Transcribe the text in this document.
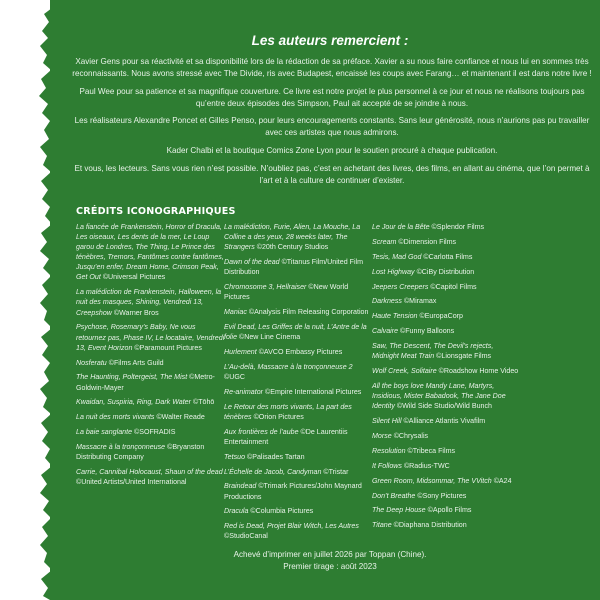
Les auteurs remercient :

Xavier Gens pour sa réactivité et sa disponibilité lors de la rédaction de sa préface. Xavier a su nous faire confiance et nous lui en sommes très reconnaissants. Nous avons stressé avec The Divide, ris avec Budapest, encaissé les coups avec Farang… et maintenant il est dans notre livre !

Paul Wee pour sa patience et sa magnifique couverture. Ce livre est notre projet le plus personnel à ce jour et nous ne réalisons toujours pas qu’entre deux épisodes des Simpson, Paul ait accepté de se joindre à nous.

Les réalisateurs Alexandre Poncet et Gilles Penso, pour leurs encouragements constants. Sans leur générosité, nous n’aurions pas pu travailler avec ces artistes que nous admirons.

Kader Chalbi et la boutique Comics Zone Lyon pour le soutien procuré à chaque publication.

Et vous, les lecteurs. Sans vous rien n’est possible. N’oubliez pas, c’est en achetant des livres, des films, en allant au cinéma, que l’on permet à l’art et à la culture de continuer d’exister.

CRÉDITS ICONOGRAPHIQUES
La fiancée de Frankenstein, Horror of Dracula, Les oiseaux, Les dents de la mer, Le Loup garou de Londres, The Thing, Le Prince des ténèbres, Tremors, Fantômes contre fantômes, Jusqu’en enfer, Dream Home, Crimson Peak, Get Out ©Universal Pictures
La malédiction de Frankenstein, Halloween, la nuit des masques, Shining, Vendredi 13, Creepshow ©Warner Bros
Psychose, Rosemary’s Baby, Ne vous retournez pas, Phase IV, Le locataire, Vendredi 13, Event Horizon ©Paramount Pictures
Nosferatu ©Films Arts Guild
The Haunting, Poltergeist, The Mist ©Metro-Goldwin-Mayer
Kwaidan, Suspiria, Ring, Dark Water ©Tōhō
La nuit des morts vivants ©Walter Reade
La baie sanglante ©SOFRADIS
Massacre à la tronçonneuse ©Bryanston Distributing Company
Carrie, Cannibal Holocaust, Shaun of the dead ©United Artists/United International
La malédiction, Furie, Alien, La Mouche, La Colline a des yeux, 28 weeks later, The Strangers ©20th Century Studios
Dawn of the dead ©Titanus Film/United Film Distribution
Chromosome 3, Hellraiser ©New World Pictures
Maniac ©Analysis Film Releasing Corporation
Evil Dead, Les Griffes de la nuit, L’Antre de la folie ©New Line Cinema
Hurlement ©AVCO Embassy Pictures
L’Au-delà, Massacre à la tronçonneuse 2 ©UGC
Re-animator ©Empire International Pictures
Le Retour des morts vivants, La part des ténèbres ©Orion Pictures
Aux frontières de l’aube ©De Laurentiis Entertainment
Tetsuo ©Palisades Tartan
L’Échelle de Jacob, Candyman ©Tristar
Braindead ©Trimark Pictures/John Maynard Productions
Dracula ©Columbia Pictures
Red is Dead, Projet Blair Witch, Les Autres ©StudioCanal
Le Jour de la Bête ©Splendor Films
Scream ©Dimension Films
Tesis, Mad God ©Carlotta Films
Lost Highway ©CiBy Distribution
Jeepers Creepers ©Capitol Films
Darkness ©Miramax
Haute Tension ©EuropaCorp
Calvaire ©Funny Balloons
Saw, The Descent, The Devil’s rejects, Midnight Meat Train ©Lionsgate Films
Wolf Creek, Solitaire ©Roadshow Home Video
All the boys love Mandy Lane, Martyrs, Insidious, Mister Babadook, The Jane Doe Identity ©Wild Side Studio/Wild Bunch
Silent Hill ©Alliance Atlantis Vivafilm
Morse ©Chrysalis
Resolution ©Tribeca Films
It Follows ©Radius-TWC
Green Room, Midsommar, The VVitch ©A24
Don’t Breathe ©Sony Pictures
The Deep House ©Apollo Films
Titane ©Diaphana Distribution
Achevé d’imprimer en juillet 2026 par Toppan (Chine).
Premier tirage : août 2023
